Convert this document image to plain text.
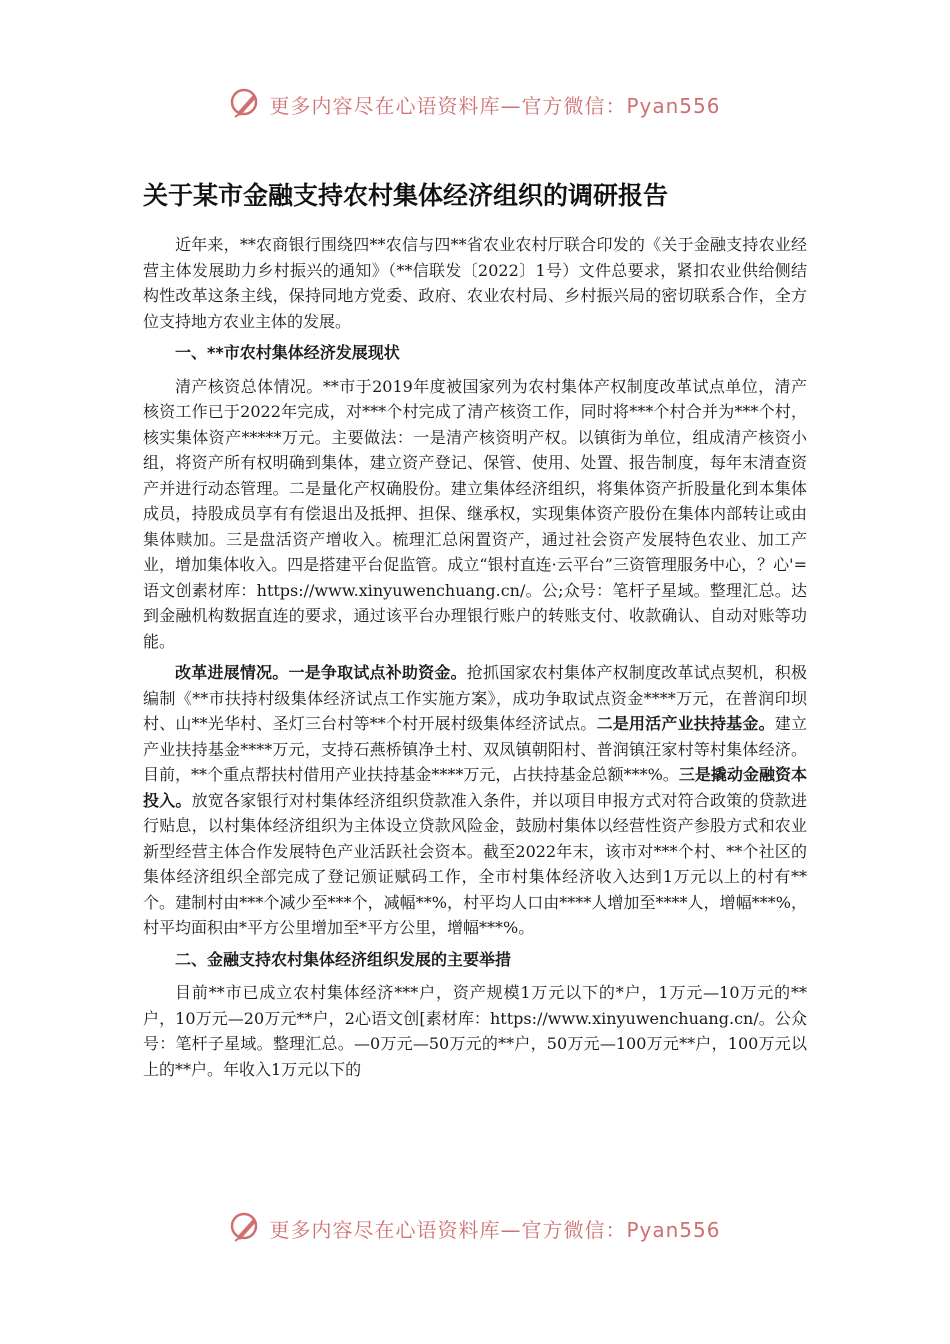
更多内容尽在心语资料库—官方微信：Pyan556
关于某市金融支持农村集体经济组织的调研报告

近年来，**农商银行围绕四**农信与四**省农业农村厅联合印发的《关于金融支持农业经营主体发展助力乡村振兴的通知》（**信联发〔2022〕1号）文件总要求，紧扣农业供给侧结构性改革这条主线，保持同地方党委、政府、农业农村局、乡村振兴局的密切联系合作，全方位支持地方农业主体的发展。

一、**市农村集体经济发展现状

清产核资总体情况。**市于2019年度被国家列为农村集体产权制度改革试点单位，清产核资工作已于2022年完成，对***个村完成了清产核资工作，同时将***个村合并为***个村，核实集体资产*****万元。主要做法：一是清产核资明产权。以镇街为单位，组成清产核资小组，将资产所有权明确到集体，建立资产登记、保管、使用、处置、报告制度，每年末清查资产并进行动态管理。二是量化产权确股份。建立集体经济组织，将集体资产折股量化到本集体成员，持股成员享有有偿退出及抵押、担保、继承权，实现集体资产股份在集体内部转让或由集体赎加。三是盘活资产增收入。梳理汇总闲置资产，通过社会资产发展特色农业、加工产业，增加集体收入。四是搭建平台促监管。成立“银村直连·云平台”三资管理服务中心，？心'=语文创素材库：https://www.xinyuwenchuang.cn/。公;众号：笔杆子星域。整理汇总。达到金融机构数据直连的要求，通过该平台办理银行账户的转账支付、收款确认、自动对账等功能。

改革进展情况。一是争取试点补助资金。抢抓国家农村集体产权制度改革试点契机，积极编制《**市扶持村级集体经济试点工作实施方案》，成功争取试点资金****万元，在普润印坝村、山**光华村、圣灯三台村等**个村开展村级集体经济试点。二是用活产业扶持基金。建立产业扶持基金****万元，支持石燕桥镇净土村、双凤镇朝阳村、普润镇汪家村等村集体经济。目前，**个重点帮扶村借用产业扶持基金****万元，占扶持基金总额***%。三是撬动金融资本投入。放宽各家银行对村集体经济组织贷款准入条件，并以项目申报方式对符合政策的贷款进行贴息，以村集体经济组织为主体设立贷款风险金，鼓励村集体以经营性资产参股方式和农业新型经营主体合作发展特色产业活跃社会资本。截至2022年末，该市对***个村、**个社区的集体经济组织全部完成了登记颁证赋码工作，全市村集体经济收入达到1万元以上的村有**个。建制村由***个减少至***个，减幅**%，村平均人口由****人增加至****人，增幅***%，村平均面积由*平方公里增加至*平方公里，增幅***%。

二、金融支持农村集体经济组织发展的主要举措

目前**市已成立农村集体经济***户，资产规模1万元以下的*户，1万元—10万元的**户，10万元—20万元**户，2心语文创[素材库：https://www.xinyuwenchuang.cn/。公众号：笔杆子星域。整理汇总。—0万元—50万元的**户，50万元—100万元**户，100万元以上的**户。年收入1万元以下的

更多内容尽在心语资料库—官方微信：Pyan556
